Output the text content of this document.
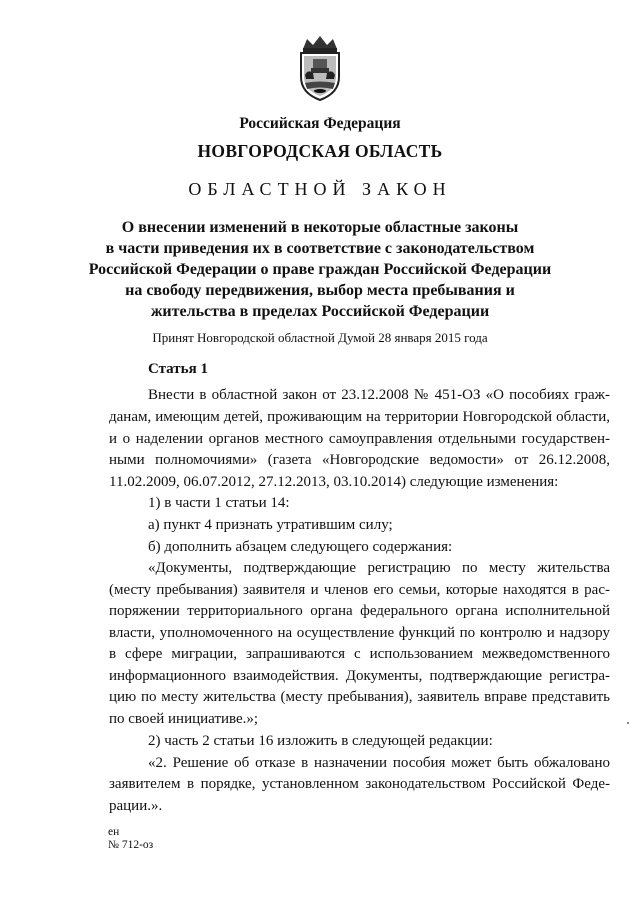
Российская Федерация
НОВГОРОДСКАЯ ОБЛАСТЬ
ОБЛАСТНОЙ ЗАКОН
О внесении изменений в некоторые областные законы
в части приведения их в соответствие с законодательством
Российской Федерации о праве граждан Российской Федерации
на свободу передвижения, выбор места пребывания и
жительства в пределах Российской Федерации
Принят Новгородской областной Думой 28 января 2015 года
Статья 1
Внести в областной закон от 23.12.2008 № 451-ОЗ «О пособиях граж-
данам, имеющим детей, проживающим на территории Новгородской области,
и о наделении органов местного самоуправления отдельными государствен-
ными полномочиями» (газета «Новгородские ведомости» от 26.12.2008,
11.02.2009, 06.07.2012, 27.12.2013, 03.10.2014) следующие изменения:
1) в части 1 статьи 14:
а) пункт 4 признать утратившим силу;
б) дополнить абзацем следующего содержания:
«Документы, подтверждающие регистрацию по месту жительства
(месту пребывания) заявителя и членов его семьи, которые находятся в рас-
поряжении территориального органа федерального органа исполнительной
власти, уполномоченного на осуществление функций по контролю и надзору
в сфере миграции, запрашиваются с использованием межведомственного
информационного взаимодействия. Документы, подтверждающие регистра-
цию по месту жительства (месту пребывания), заявитель вправе представить
по своей инициативе.»;
2) часть 2 статьи 16 изложить в следующей редакции:
«2. Решение об отказе в назначении пособия может быть обжаловано
заявителем в порядке, установленном законодательством Российской Феде-
рации.».
ен
№ 712-оз
